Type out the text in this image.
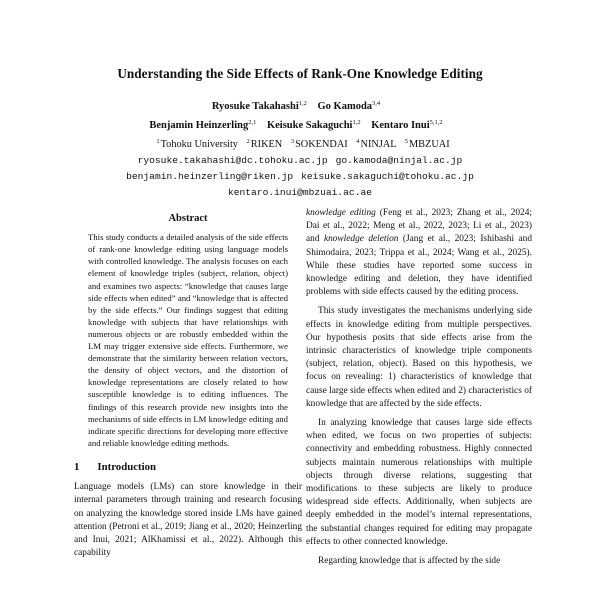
Understanding the Side Effects of Rank-One Knowledge Editing
Ryosuke Takahashi$^{1,2}$ Go Kamoda$^{3,4}$
Benjamin Heinzerling$^{2,1}$ Keisuke Sakaguchi$^{1,2}$ Kentaro Inui$^{5,1,2}$
$^1$Tohoku University $^2$RIKEN $^3$SOKENDAI $^4$NINJAL $^5$MBZUAI
ryosuke.takahashi@dc.tohoku.ac.jp go.kamoda@ninjal.ac.jp
benjamin.heinzerling@riken.jp keisuke.sakaguchi@tohoku.ac.jp
kentaro.inui@mbzuai.ac.ae
Abstract

This study conducts a detailed analysis of the side effects of rank-one knowledge editing using language models with controlled knowledge. The analysis focuses on each element of knowledge triples (subject, relation, object) and examines two aspects: “knowledge that causes large side effects when edited” and “knowledge that is affected by the side effects.” Our findings suggest that editing knowledge with subjects that have relationships with numerous objects or are robustly embedded within the LM may trigger extensive side effects. Furthermore, we demonstrate that the similarity between relation vectors, the density of object vectors, and the distortion of knowledge representations are closely related to how susceptible knowledge is to editing influences. The findings of this research provide new insights into the mechanisms of side effects in LM knowledge editing and indicate specific directions for developing more effective and reliable knowledge editing methods.

1 Introduction

Language models (LMs) can store knowledge in their internal parameters through training and research focusing on analyzing the knowledge stored inside LMs have gained attention (Petroni et al., 2019; Jiang et al., 2020; Heinzerling and Inui, 2021; AlKhamissi et al., 2022). Although this capability

knowledge editing (Feng et al., 2023; Zhang et al., 2024; Dai et al., 2022; Meng et al., 2022, 2023; Li et al., 2023) and knowledge deletion (Jang et al., 2023; Ishibashi and Shimodaira, 2023; Trippa et al., 2024; Wang et al., 2025). While these studies have reported some success in knowledge editing and deletion, they have identified problems with side effects caused by the editing process.

This study investigates the mechanisms underlying side effects in knowledge editing from multiple perspectives. Our hypothesis posits that side effects arise from the intrinsic characteristics of knowledge triple components (subject, relation, object). Based on this hypothesis, we focus on revealing: 1) characteristics of knowledge that cause large side effects when edited and 2) characteristics of knowledge that are affected by the side effects.

In analyzing knowledge that causes large side effects when edited, we focus on two properties of subjects: connectivity and embedding robustness. Highly connected subjects maintain numerous relationships with multiple objects through diverse relations, suggesting that modifications to these subjects are likely to produce widespread side effects. Additionally, when subjects are deeply embedded in the model’s internal representations, the substantial changes required for editing may propagate effects to other connected knowledge.

Regarding knowledge that is affected by the side
